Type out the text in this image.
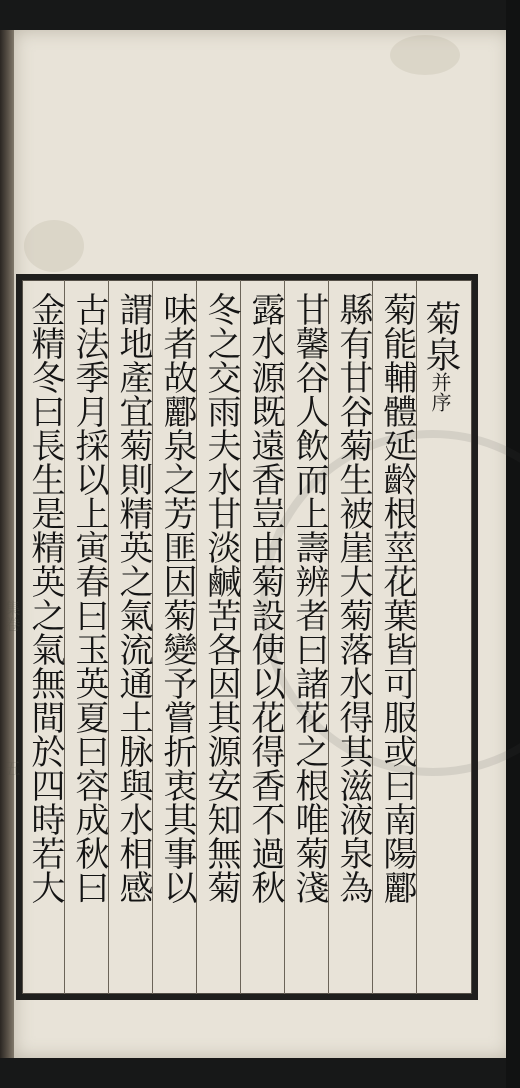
菊泉并序
菊能輔體延齡根莖花葉皆可服或曰南陽酈
縣有甘谷菊生被崖大菊落水得其滋液泉為
甘馨谷人飲而上壽辨者曰諸花之根唯菊淺
露水源既遠香豈由菊設使以花得香不過秋
冬之交雨夫水甘淡鹹苦各因其源安知無菊
味者故酈泉之芳匪因菊變予嘗折衷其事以
謂地產宜菊則精英之氣流通土脉與水相感
古法季月採以上寅春曰玉英夏曰容成秋曰
金精冬曰長生是精英之氣無間於四時若大
集卷
五
